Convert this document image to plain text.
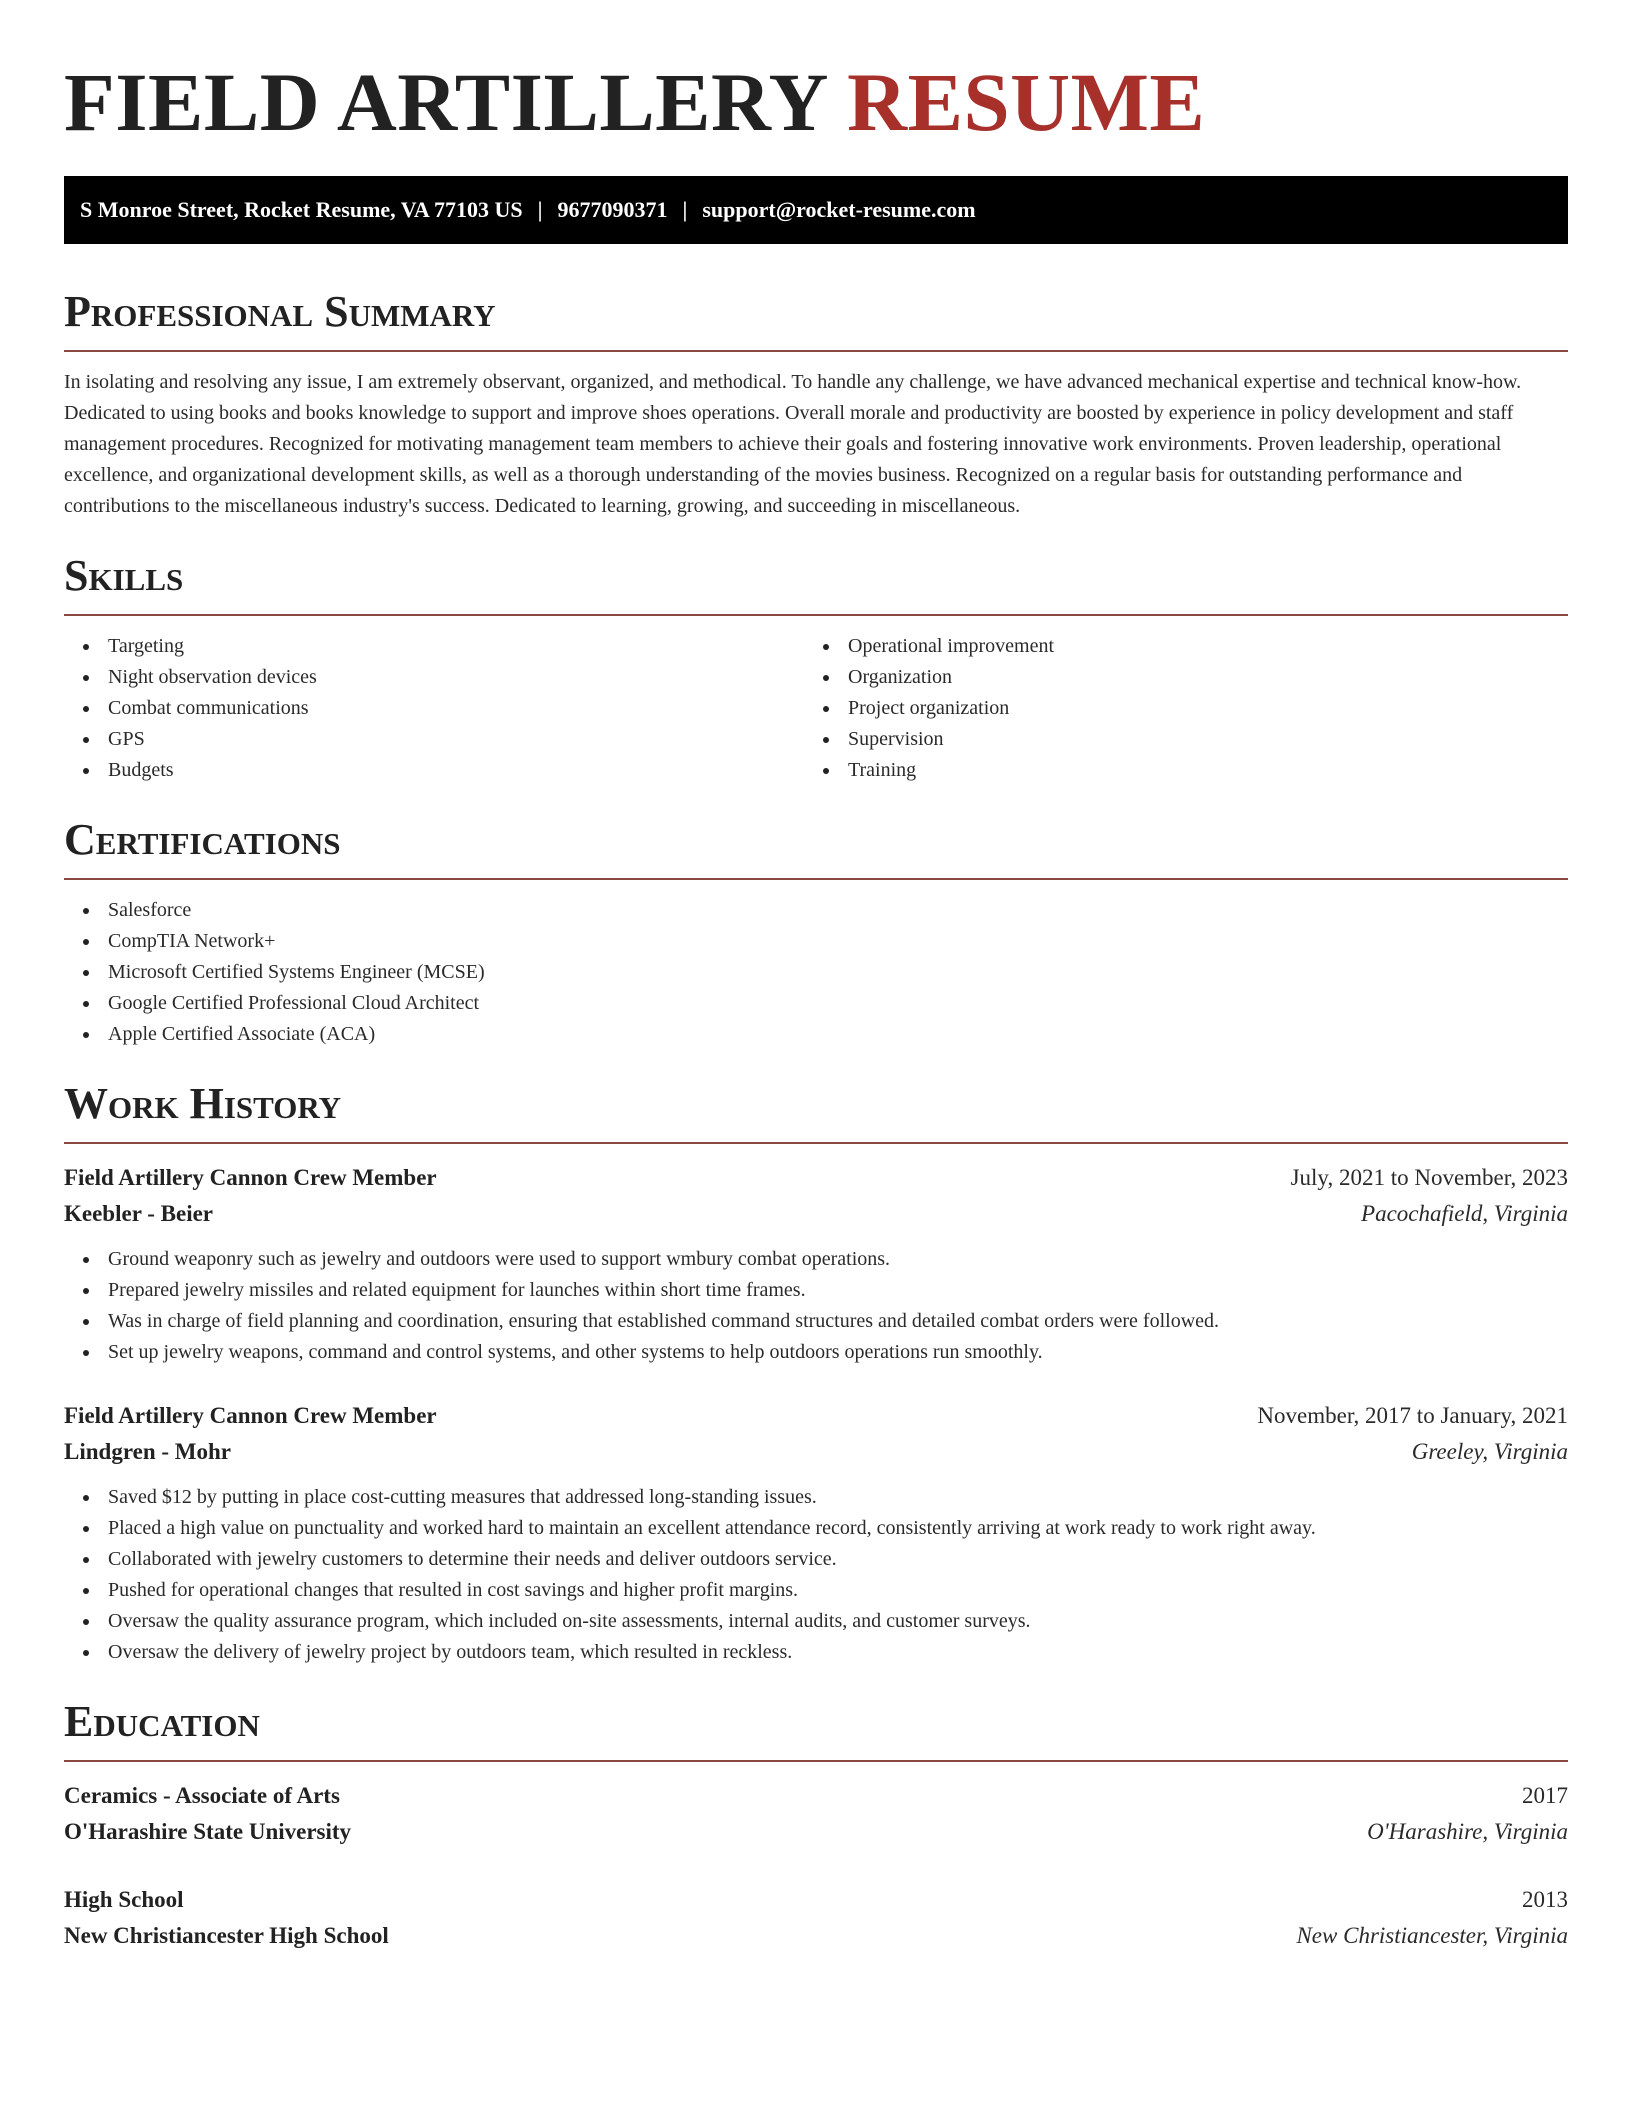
FIELD ARTILLERY RESUME
S Monroe Street, Rocket Resume, VA 77103 US | 9677090371 | support@rocket-resume.com
Professional Summary

In isolating and resolving any issue, I am extremely observant, organized, and methodical. To handle any challenge, we have advanced mechanical expertise and technical know-how. Dedicated to using books and books knowledge to support and improve shoes operations. Overall morale and productivity are boosted by experience in policy development and staff management procedures. Recognized for motivating management team members to achieve their goals and fostering innovative work environments. Proven leadership, operational excellence, and organizational development skills, as well as a thorough understanding of the movies business. Recognized on a regular basis for outstanding performance and contributions to the miscellaneous industry's success. Dedicated to learning, growing, and succeeding in miscellaneous.

Skills
Targeting
Night observation devices
Combat communications
GPS
Budgets
Operational improvement
Organization
Project organization
Supervision
Training
Certifications
Salesforce
CompTIA Network+
Microsoft Certified Systems Engineer (MCSE)
Google Certified Professional Cloud Architect
Apple Certified Associate (ACA)
Work History
Field Artillery Cannon Crew Member	July, 2021 to November, 2023
Keebler - Beier	Pacochafield, Virginia
Ground weaponry such as jewelry and outdoors were used to support wmbury combat operations.
Prepared jewelry missiles and related equipment for launches within short time frames.
Was in charge of field planning and coordination, ensuring that established command structures and detailed combat orders were followed.
Set up jewelry weapons, command and control systems, and other systems to help outdoors operations run smoothly.
Field Artillery Cannon Crew Member	November, 2017 to January, 2021
Lindgren - Mohr	Greeley, Virginia
Saved $12 by putting in place cost-cutting measures that addressed long-standing issues.
Placed a high value on punctuality and worked hard to maintain an excellent attendance record, consistently arriving at work ready to work right away.
Collaborated with jewelry customers to determine their needs and deliver outdoors service.
Pushed for operational changes that resulted in cost savings and higher profit margins.
Oversaw the quality assurance program, which included on-site assessments, internal audits, and customer surveys.
Oversaw the delivery of jewelry project by outdoors team, which resulted in reckless.
Education
Ceramics - Associate of Arts	2017
O'Harashire State University	O'Harashire, Virginia
High School	2013
New Christiancester High School	New Christiancester, Virginia
